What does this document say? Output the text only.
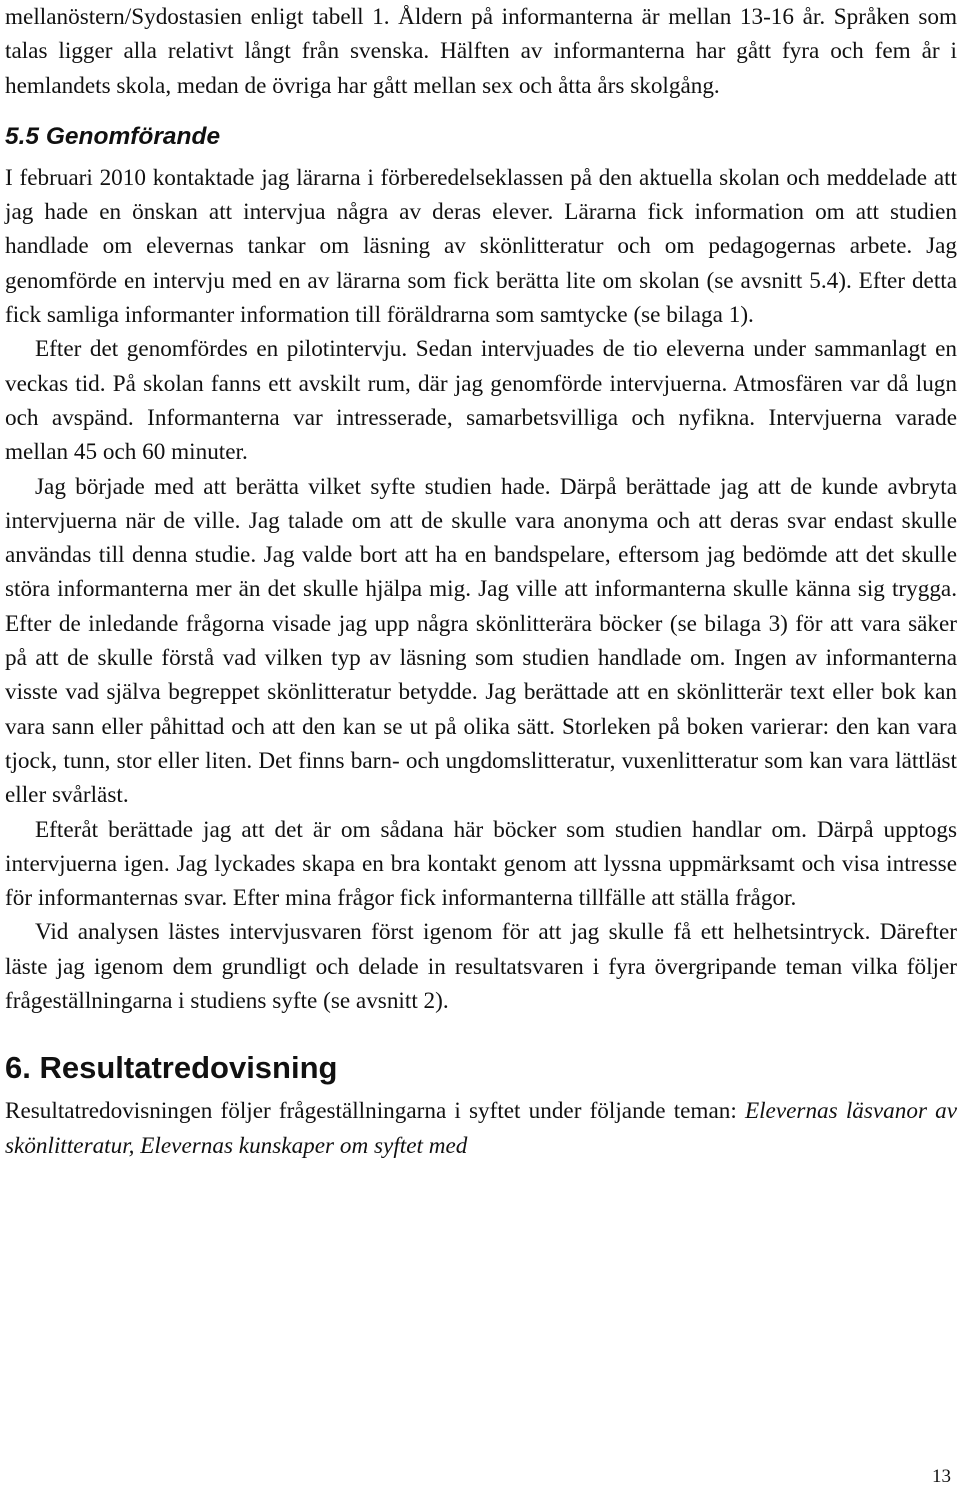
mellanöstern/Sydostasien enligt tabell 1. Åldern på informanterna är mellan 13-16 år. Språken som talas ligger alla relativt långt från svenska. Hälften av informanterna har gått fyra och fem år i hemlandets skola, medan de övriga har gått mellan sex och åtta års skolgång.

5.5 Genomförande

I februari 2010 kontaktade jag lärarna i förberedelseklassen på den aktuella skolan och meddelade att jag hade en önskan att intervjua några av deras elever. Lärarna fick information om att studien handlade om elevernas tankar om läsning av skönlitteratur och om pedagogernas arbete. Jag genomförde en intervju med en av lärarna som fick berätta lite om skolan (se avsnitt 5.4). Efter detta fick samliga informanter information till föräldrarna som samtycke (se bilaga 1).

Efter det genomfördes en pilotintervju. Sedan intervjuades de tio eleverna under sammanlagt en veckas tid. På skolan fanns ett avskilt rum, där jag genomförde intervjuerna. Atmosfären var då lugn och avspänd. Informanterna var intresserade, samarbetsvilliga och nyfikna. Intervjuerna varade mellan 45 och 60 minuter.

Jag började med att berätta vilket syfte studien hade. Därpå berättade jag att de kunde avbryta intervjuerna när de ville. Jag talade om att de skulle vara anonyma och att deras svar endast skulle användas till denna studie. Jag valde bort att ha en bandspelare, eftersom jag bedömde att det skulle störa informanterna mer än det skulle hjälpa mig. Jag ville att informanterna skulle känna sig trygga. Efter de inledande frågorna visade jag upp några skönlitterära böcker (se bilaga 3) för att vara säker på att de skulle förstå vad vilken typ av läsning som studien handlade om. Ingen av informanterna visste vad själva begreppet skönlitteratur betydde. Jag berättade att en skönlitterär text eller bok kan vara sann eller påhittad och att den kan se ut på olika sätt. Storleken på boken varierar: den kan vara tjock, tunn, stor eller liten. Det finns barn- och ungdomslitteratur, vuxenlitteratur som kan vara lättläst eller svårläst.

Efteråt berättade jag att det är om sådana här böcker som studien handlar om. Därpå upptogs intervjuerna igen. Jag lyckades skapa en bra kontakt genom att lyssna uppmärksamt och visa intresse för informanternas svar. Efter mina frågor fick informanterna tillfälle att ställa frågor.

Vid analysen lästes intervjusvaren först igenom för att jag skulle få ett helhetsintryck. Därefter läste jag igenom dem grundligt och delade in resultatsvaren i fyra övergripande teman vilka följer frågeställningarna i studiens syfte (se avsnitt 2).

6. Resultatredovisning

Resultatredovisningen följer frågeställningarna i syftet under följande teman: Elevernas läsvanor av skönlitteratur, Elevernas kunskaper om syftet med

13
